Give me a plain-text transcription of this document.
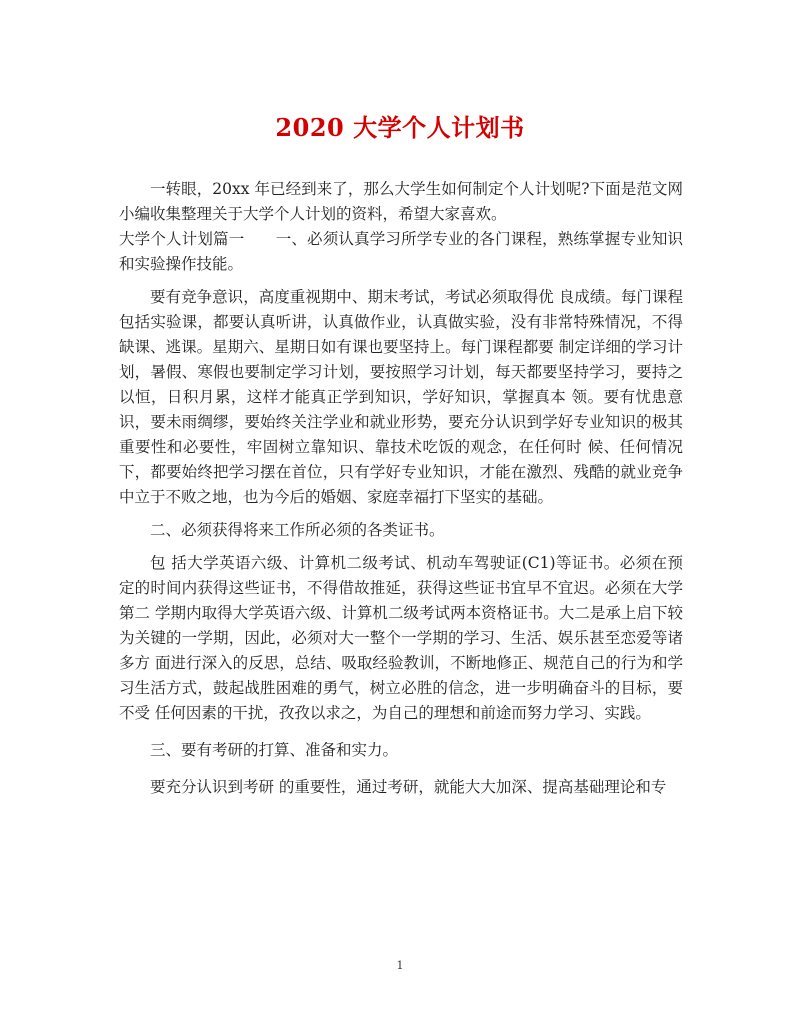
2020 大学个人计划书

一转眼，20xx 年已经到来了，那么大学生如何制定个人计划呢?下面是范文网小编收集整理关于大学个人计划的资料，希望大家喜欢。

大学个人计划篇一　　一、必须认真学习所学专业的各门课程，熟练掌握专业知识和实验操作技能。

要有竞争意识，高度重视期中、期末考试，考试必须取得优 良成绩。每门课程包括实验课，都要认真听讲，认真做作业，认真做实验，没有非常特殊情况，不得缺课、逃课。星期六、星期日如有课也要坚持上。每门课程都要 制定详细的学习计划，暑假、寒假也要制定学习计划，要按照学习计划，每天都要坚持学习，要持之以恒，日积月累，这样才能真正学到知识，学好知识，掌握真本 领。要有忧患意识，要未雨绸缪，要始终关注学业和就业形势，要充分认识到学好专业知识的极其重要性和必要性，牢固树立靠知识、靠技术吃饭的观念，在任何时 候、任何情况下，都要始终把学习摆在首位，只有学好专业知识，才能在激烈、残酷的就业竞争中立于不败之地，也为今后的婚姻、家庭幸福打下坚实的基础。

二、必须获得将来工作所必须的各类证书。

包 括大学英语六级、计算机二级考试、机动车驾驶证(C1)等证书。必须在预定的时间内获得这些证书，不得借故推延，获得这些证书宜早不宜迟。必须在大学第二 学期内取得大学英语六级、计算机二级考试两本资格证书。大二是承上启下较为关键的一学期，因此，必须对大一整个一学期的学习、生活、娱乐甚至恋爱等诸多方 面进行深入的反思，总结、吸取经验教训，不断地修正、规范自己的行为和学习生活方式，鼓起战胜困难的勇气，树立必胜的信念，进一步明确奋斗的目标，要不受 任何因素的干扰，孜孜以求之，为自己的理想和前途而努力学习、实践。

三、要有考研的打算、准备和实力。

要充分认识到考研 的重要性，通过考研，就能大大加深、提高基础理论和专

1
